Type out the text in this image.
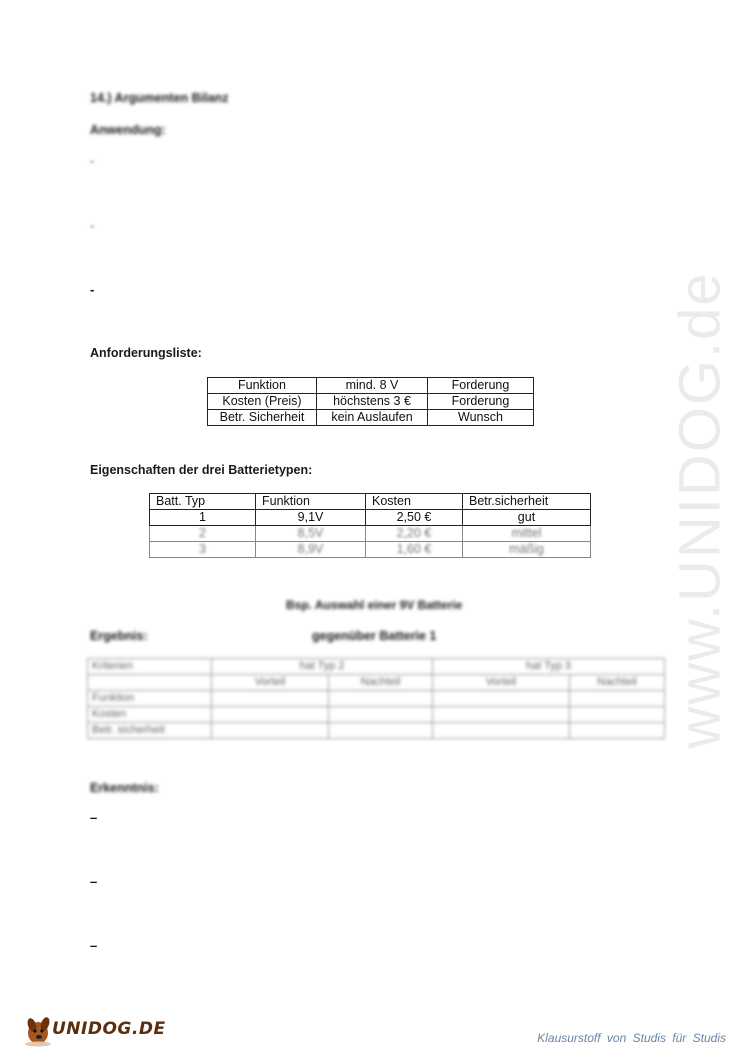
www.UNIDOG.de
14.) Argumenten Bilanz
Anwendung:
-
-
-
Anforderungsliste:
Funktion	mind. 8 V	Forderung
Kosten (Preis)	höchstens 3 €	Forderung
Betr. Sicherheit	kein Auslaufen	Wunsch
Eigenschaften der drei Batterietypen:
Batt. Typ	Funktion	Kosten	Betr.sicherheit
1	9,1V	2,50 €	gut
2	8,5V	2,20 €	mittel
3	8,9V	1,60 €	mäßig
Bsp. Auswahl einer 9V Batterie
Ergebnis:	gegenüber Batterie 1
Kriterien	hat Typ 2		hat Typ 3	
	Vorteil	Nachteil	Vorteil	Nachteil
Funktion				
Kosten				
Betr. sicherheit				
Erkenntnis:
–
–
–
UNIDOG.DE	Klausurstoff von Studis für Studis
